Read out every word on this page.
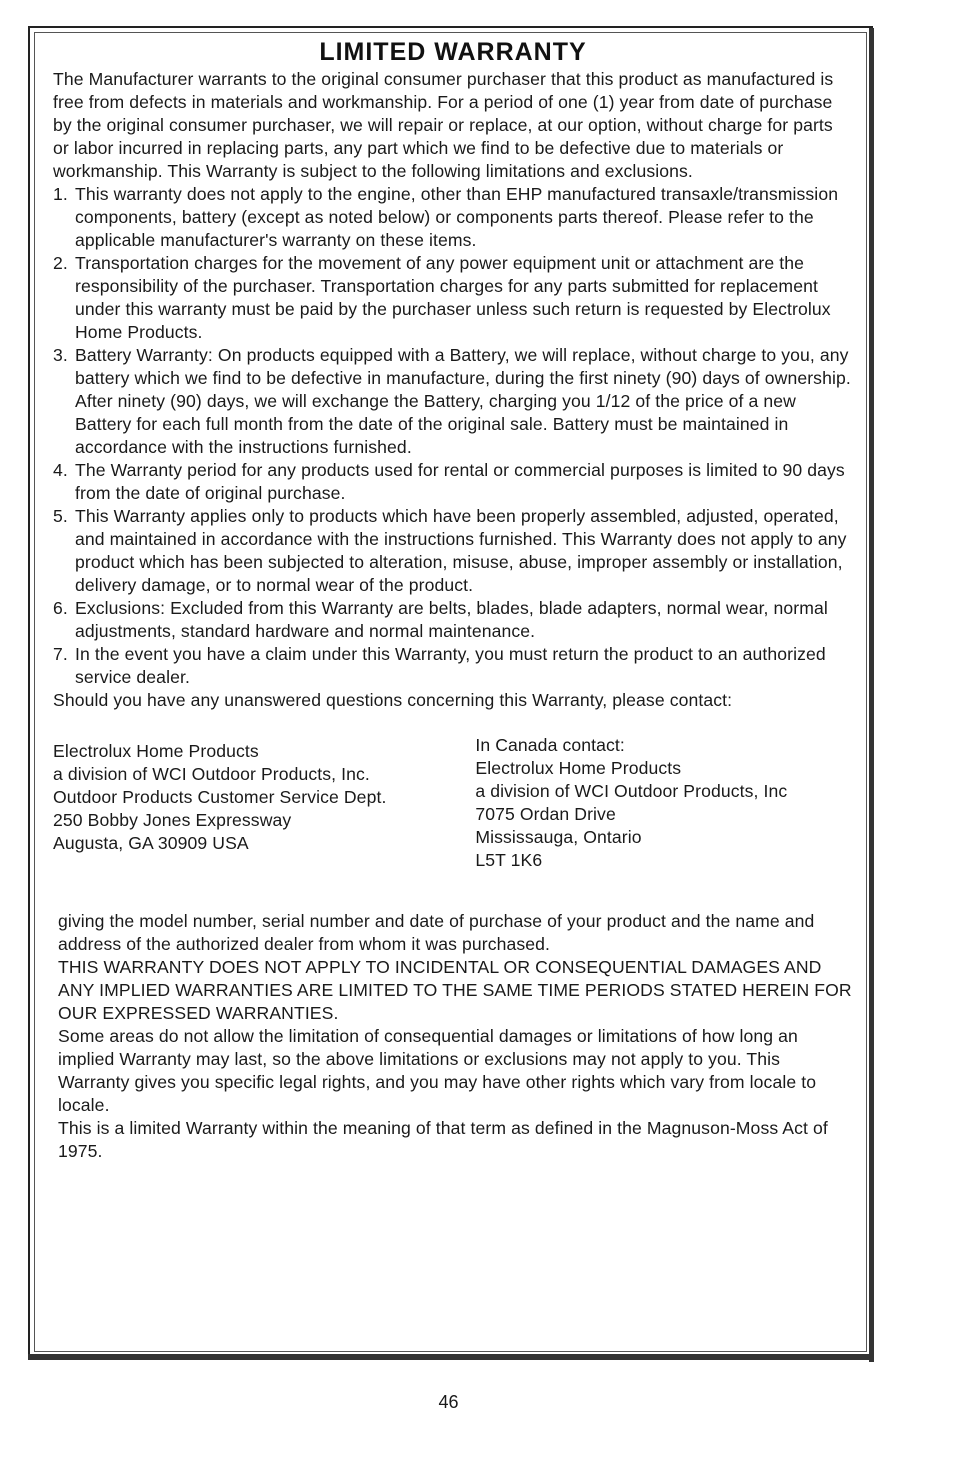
LIMITED WARRANTY

The Manufacturer warrants to the original consumer purchaser that this product as manufactured is free from defects in materials and workmanship. For a period of one (1) year from date of purchase by the original consumer purchaser, we will repair or replace, at our option, without charge for parts or labor incurred in replacing parts, any part which we find to be defective due to materials or workmanship. This Warranty is subject to the following limitations and exclusions.

1. This warranty does not apply to the engine, other than EHP manufactured transaxle/transmission components, battery (except as noted below) or components parts thereof. Please refer to the applicable manufacturer's warranty on these items.
2. Transportation charges for the movement of any power equipment unit or attachment are the responsibility of the purchaser. Transportation charges for any parts submitted for replacement under this warranty must be paid by the purchaser unless such return is requested by Electrolux Home Products.
3. Battery Warranty: On products equipped with a Battery, we will replace, without charge to you, any battery which we find to be defective in manufacture, during the first ninety (90) days of ownership. After ninety (90) days, we will exchange the Battery, charging you 1/12 of the price of a new Battery for each full month from the date of the original sale. Battery must be maintained in accordance with the instructions furnished.
4. The Warranty period for any products used for rental or commercial purposes is limited to 90 days from the date of original purchase.
5. This Warranty applies only to products which have been properly assembled, adjusted, operated, and maintained in accordance with the instructions furnished. This Warranty does not apply to any product which has been subjected to alteration, misuse, abuse, improper assembly or installation, delivery damage, or to normal wear of the product.
6. Exclusions: Excluded from this Warranty are belts, blades, blade adapters, normal wear, normal adjustments, standard hardware and normal maintenance.
7. In the event you have a claim under this Warranty, you must return the product to an authorized service dealer.

Should you have any unanswered questions concerning this Warranty, please contact:

Electrolux Home Products

a division of WCI Outdoor Products, Inc.

Outdoor Products Customer Service Dept.

250 Bobby Jones Expressway

Augusta, GA 30909 USA

In Canada contact:

Electrolux Home Products

a division of WCI Outdoor Products, Inc

7075 Ordan Drive

Mississauga, Ontario

L5T 1K6

giving the model number, serial number and date of purchase of your product and the name and address of the authorized dealer from whom it was purchased.

THIS WARRANTY DOES NOT APPLY TO INCIDENTAL OR CONSEQUENTIAL DAMAGES AND ANY IMPLIED WARRANTIES ARE LIMITED TO THE SAME TIME PERIODS STATED HEREIN FOR OUR EXPRESSED WARRANTIES.

Some areas do not allow the limitation of consequential damages or limitations of how long an implied Warranty may last, so the above limitations or exclusions may not apply to you. This Warranty gives you specific legal rights, and you may have other rights which vary from locale to locale.

This is a limited Warranty within the meaning of that term as defined in the Magnuson-Moss Act of 1975.

46
